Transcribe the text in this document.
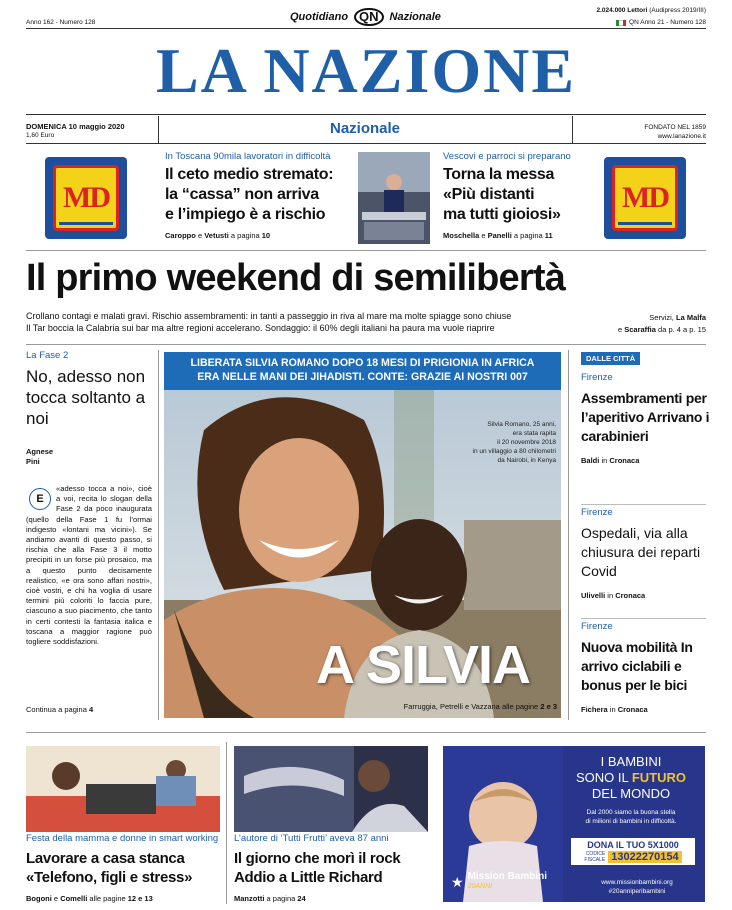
Anno 162 - Numero 128	Quotidiano QN	Nazionale
2.024.000 Lettori (Audipress 2019/III)
QN Anno 21 - Numero 128
LA NAZIONE
DOMENICA 10 maggio 2020
1,60 Euro	Nazionale	FONDATO NEL 1859
www.lanazione.it
MD
In Toscana 90mila lavoratori in difficoltà
Il ceto medio stremato:
la “cassa” non arriva
e l’impiego è a rischio
Caroppo e Vetusti a pagina 10
Vescovi e parroci si preparano
Torna la messa
«Più distanti
ma tutti gioiosi»
Moschella e Panelli a pagina 11
MD
Il primo weekend di semilibertà
Crollano contagi e malati gravi. Rischio assembramenti: in tanti a passeggio in riva al mare ma molte spiagge sono chiuse
Il Tar boccia la Calabria sui bar ma altre regioni accelerano. Sondaggio: il 60% degli italiani ha paura ma vuole riaprire
Servizi, La Malfa
e Scaraffia da p. 4 a p. 15
La Fase 2
No, adesso non tocca soltanto a noi
Agnese
Pini
E
«adesso tocca a noi», cioè a voi, recita lo slogan della Fase 2 da poco inaugurata (quello della Fase 1 fu l’ormai indigesto «lontani ma vicini»). Se andiamo avanti di questo passo, si rischia che alla Fase 3 il motto precipiti in un forse più prosaico, ma a questo punto decisamente realistico, «e ora sono affari nostri», cioè vostri, e chi ha voglia di usare termini più coloriti lo faccia pure, ciascuno a suo piacimento, che tanto in certi contesti la fantasia italica e toscana a maggior ragione può togliere soddisfazioni.
Continua a pagina 4
LIBERATA SILVIA ROMANO DOPO 18 MESI DI PRIGIONIA IN AFRICA
ERA NELLE MANI DEI JIHADISTI. CONTE: GRAZIE AI NOSTRI 007
Silvia Romano, 25 anni,
era stata rapita
il 20 novembre 2018
in un villaggio a 80 chilometri
da Nairobi, in Kenya
A SILVIA
Farruggia, Petrelli e Vazzana alle pagine 2 e 3
DALLE CITTÀ
Firenze
Assembramenti per l’aperitivo Arrivano i carabinieri
Baldi in Cronaca
Firenze
Ospedali, via alla chiusura dei reparti Covid
Ulivelli in Cronaca
Firenze
Nuova mobilità In arrivo ciclabili e bonus per le bici
Fichera in Cronaca
Festa della mamma e donne in smart working
Lavorare a casa stanca
«Telefono, figli e stress»
Bogoni e Comelli alle pagine 12 e 13
L’autore di ‘Tutti Frutti’ aveva 87 anni
Il giorno che morì il rock
Addio a Little Richard
Manzotti a pagina 24
I BAMBINI
SONO IL FUTURO
DEL MONDO
Dal 2000 siamo la buona stella
di milioni di bambini in difficoltà.
DONA IL TUO 5X1000
CODICE
FISCALE 13022270154
★ Mission Bambini
20ANNI
www.missionbambini.org
#20anniperibambini
